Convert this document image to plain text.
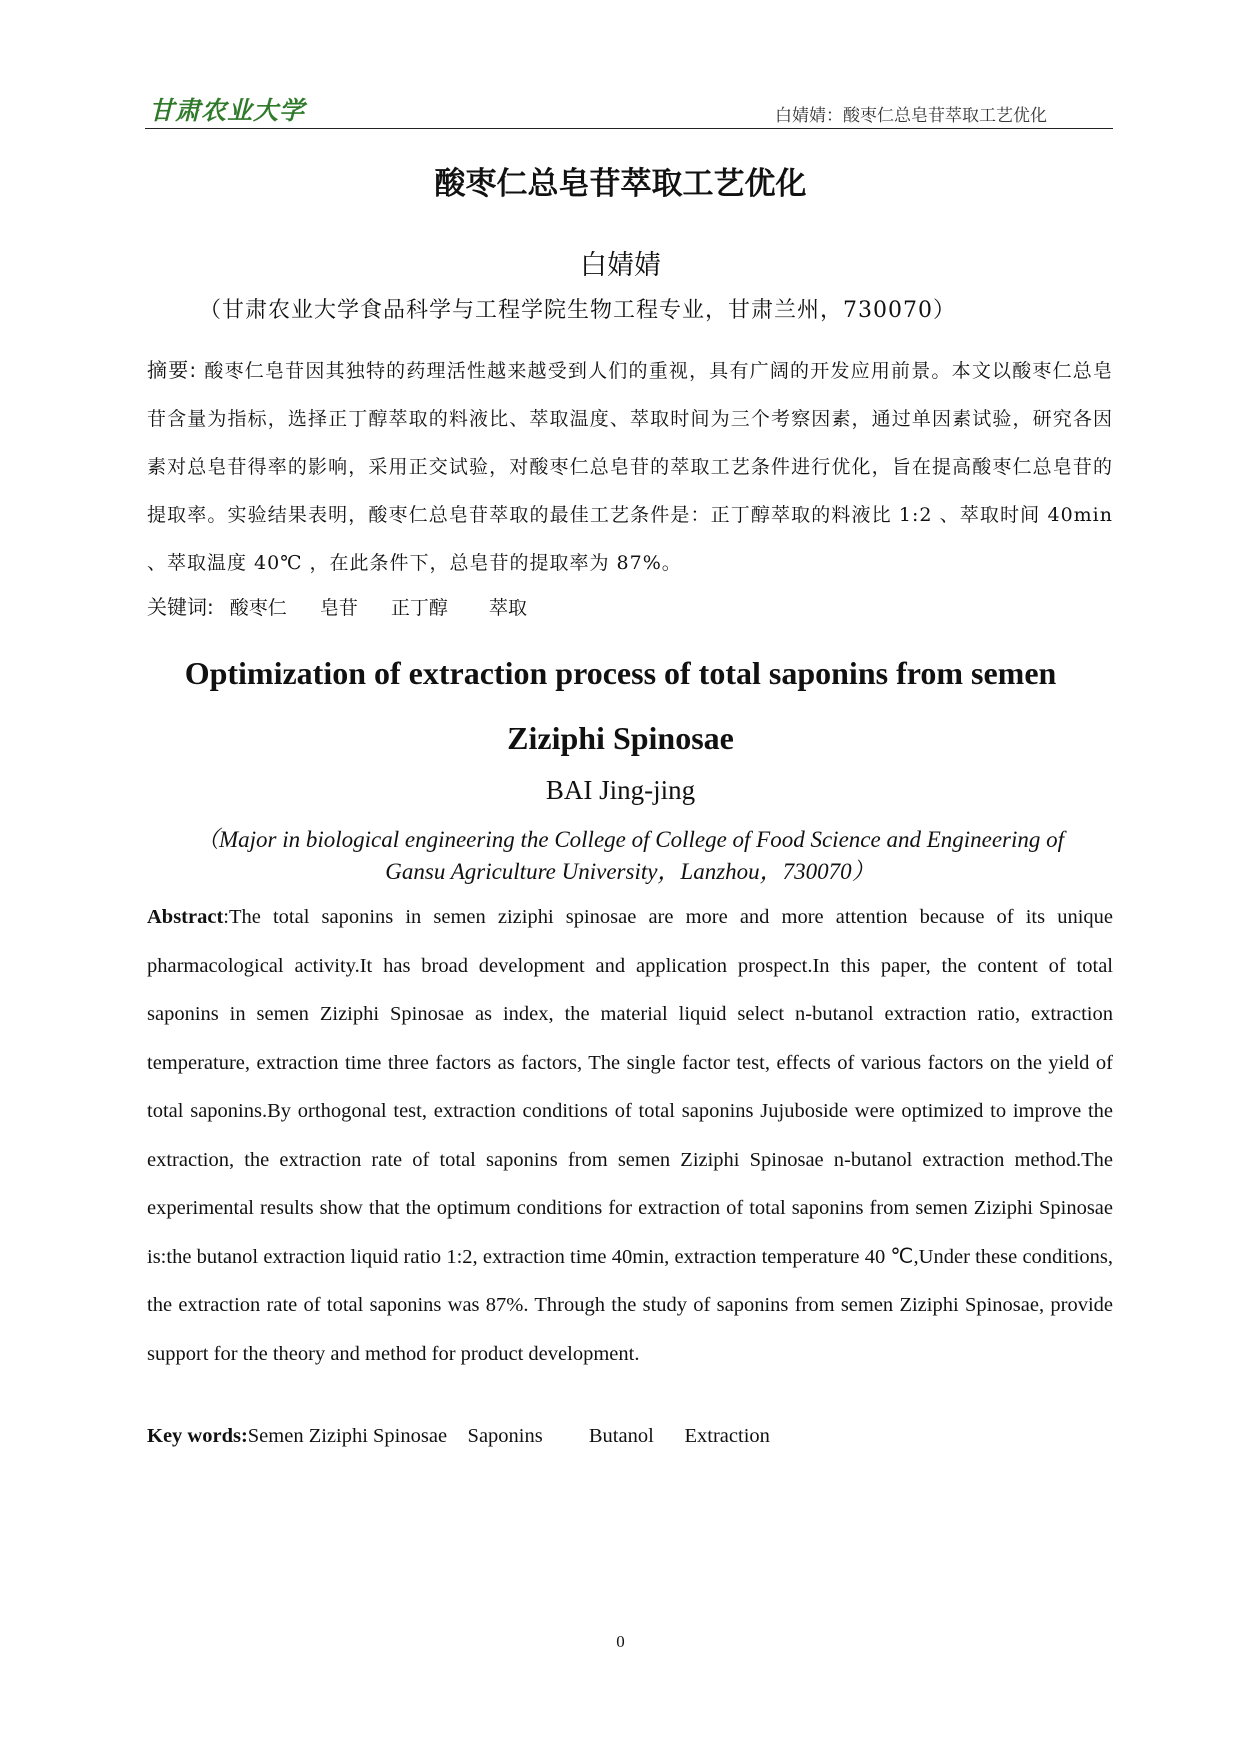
甘肃农业大学	白婧婧：酸枣仁总皂苷萃取工艺优化
酸枣仁总皂苷萃取工艺优化
白婧婧
（甘肃农业大学食品科学与工程学院生物工程专业，甘肃兰州，730070）
摘要: 酸枣仁皂苷因其独特的药理活性越来越受到人们的重视，具有广阔的开发应用前景。本文以酸枣仁总皂苷含量为指标，选择正丁醇萃取的料液比、萃取温度、萃取时间为三个考察因素，通过单因素试验，研究各因素对总皂苷得率的影响，采用正交试验，对酸枣仁总皂苷的萃取工艺条件进行优化，旨在提高酸枣仁总皂苷的提取率。实验结果表明，酸枣仁总皂苷萃取的最佳工艺条件是：正丁醇萃取的料液比 1:2 、萃取时间 40min 、萃取温度 40℃ ，在此条件下，总皂苷的提取率为 87%。
关键词: 酸枣仁 皂苷 正丁醇 萃取
Optimization of extraction process of total saponins from semen
Ziziphi Spinosae
BAI Jing-jing
（Major in biological engineering the College of College of Food Science and Engineering of
Gansu Agriculture University，Lanzhou，730070）
Abstract:The total saponins in semen ziziphi spinosae are more and more attention because of its unique pharmacological activity.It has broad development and application prospect.In this paper, the content of total saponins in semen Ziziphi Spinosae as index, the material liquid select n-butanol extraction ratio, extraction temperature, extraction time three factors as factors, The single factor test, effects of various factors on the yield of total saponins.By orthogonal test, extraction conditions of total saponins Jujuboside were optimized to improve the extraction, the extraction rate of total saponins from semen Ziziphi Spinosae n-butanol extraction method.The experimental results show that the optimum conditions for extraction of total saponins from semen Ziziphi Spinosae is:the butanol extraction liquid ratio 1:2, extraction time 40min, extraction temperature 40 ℃,Under these conditions, the extraction rate of total saponins was 87%. Through the study of saponins from semen Ziziphi Spinosae, provide support for the theory and method for product development.
Key words:Semen Ziziphi Spinosae    Saponins         Butanol      Extraction
0
